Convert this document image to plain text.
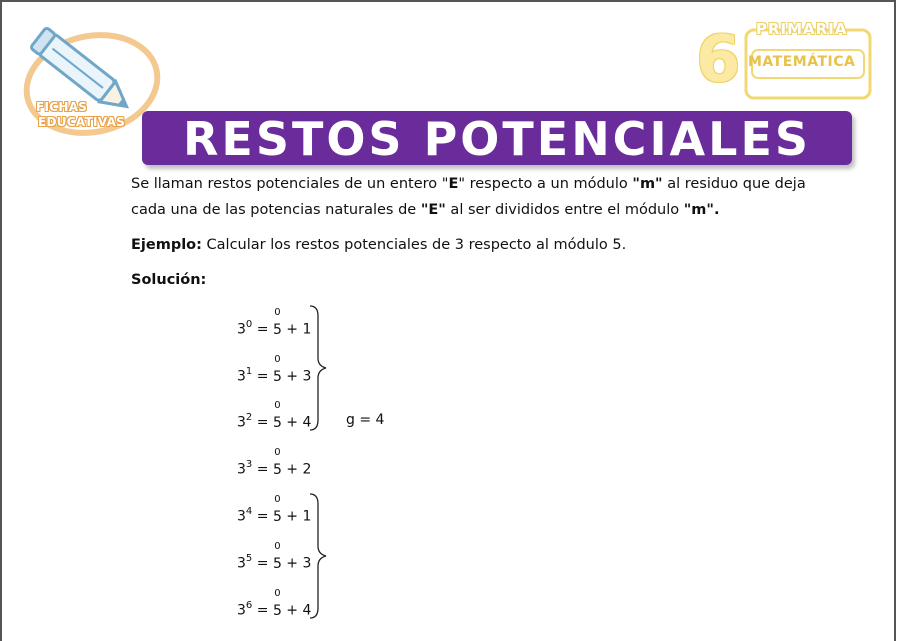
FICHAS
EDUCATIVAS
6 PRIMARIA
MATEMÁTICA
RESTOS POTENCIALES
Se llaman restos potenciales de un entero "E" respecto a un módulo "m" al residuo que deja
cada una de las potencias naturales de "E" al ser divididos entre el módulo "m".
Ejemplo: Calcular los restos potenciales de 3 respecto al módulo 5.
Solución:
$3^0$ =
0
5 + 1
$3^1$ =
0
5 + 3
$3^2$ =
0
5 + 4
$3^3$ =
0
5 + 2
$3^4$ =
0
5 + 1
$3^5$ =
0
5 + 3
$3^6$ =
0
5 + 4
g = 4
